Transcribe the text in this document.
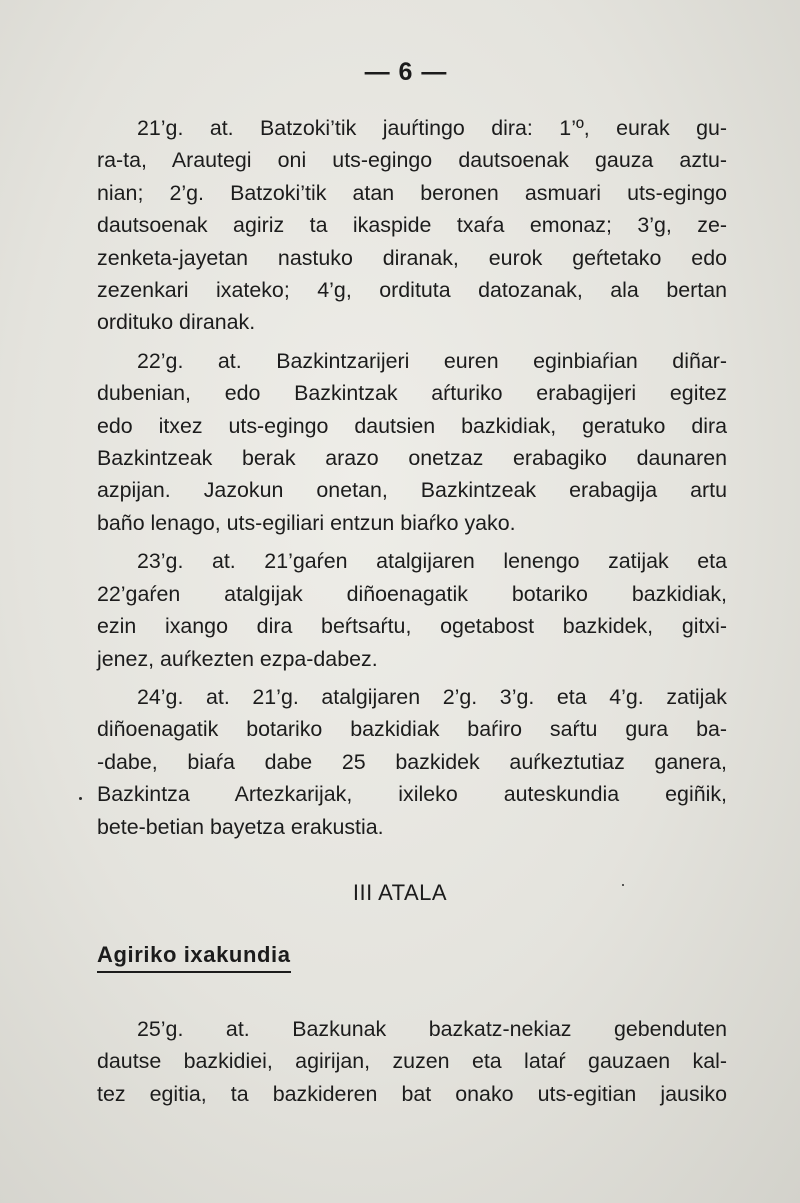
— 6 —

21’g. at. Batzoki’tik jauŕtingo dira: 1’º, eurak gu-
ra-ta, Arautegi oni uts-egingo dautsoenak gauza aztu-
nian; 2’g. Batzoki’tik atan beronen asmuari uts-egingo
dautsoenak agiriz ta ikaspide txaŕa emonaz; 3’g, ze-
zenketa-jayetan nastuko diranak, eurok geŕtetako edo
zezenkari ixateko; 4’g, ordituta datozanak, ala bertan
ordituko diranak.

22’g. at. Bazkintzarijeri euren eginbiaŕian diñar-
dubenian, edo Bazkintzak aŕturiko erabagijeri egitez
edo itxez uts-egingo dautsien bazkidiak, geratuko dira
Bazkintzeak berak arazo onetzaz erabagiko daunaren
azpijan. Jazokun onetan, Bazkintzeak erabagija artu
baño lenago, uts-egiliari entzun biaŕko yako.

23’g. at. 21’gaŕen atalgijaren lenengo zatijak eta
22’gaŕen atalgijak diñoenagatik botariko bazkidiak,
ezin ixango dira beŕtsaŕtu, ogetabost bazkidek, gitxi-
jenez, auŕkezten ezpa-dabez.

24’g. at. 21’g. atalgijaren 2’g. 3’g. eta 4’g. zatijak
diñoenagatik botariko bazkidiak baŕiro saŕtu gura ba-
-dabe, biaŕa dabe 25 bazkidek auŕkeztutiaz ganera,
Bazkintza Artezkarijak, ixileko auteskundia egiñik,
bete-betian bayetza erakustia.

III ATALA
Agiriko ixakundia

25’g. at. Bazkunak bazkatz-nekiaz gebenduten
dautse bazkidiei, agirijan, zuzen eta lataŕ gauzaen kal-
tez egitia, ta bazkideren bat onako uts-egitian jausiko
